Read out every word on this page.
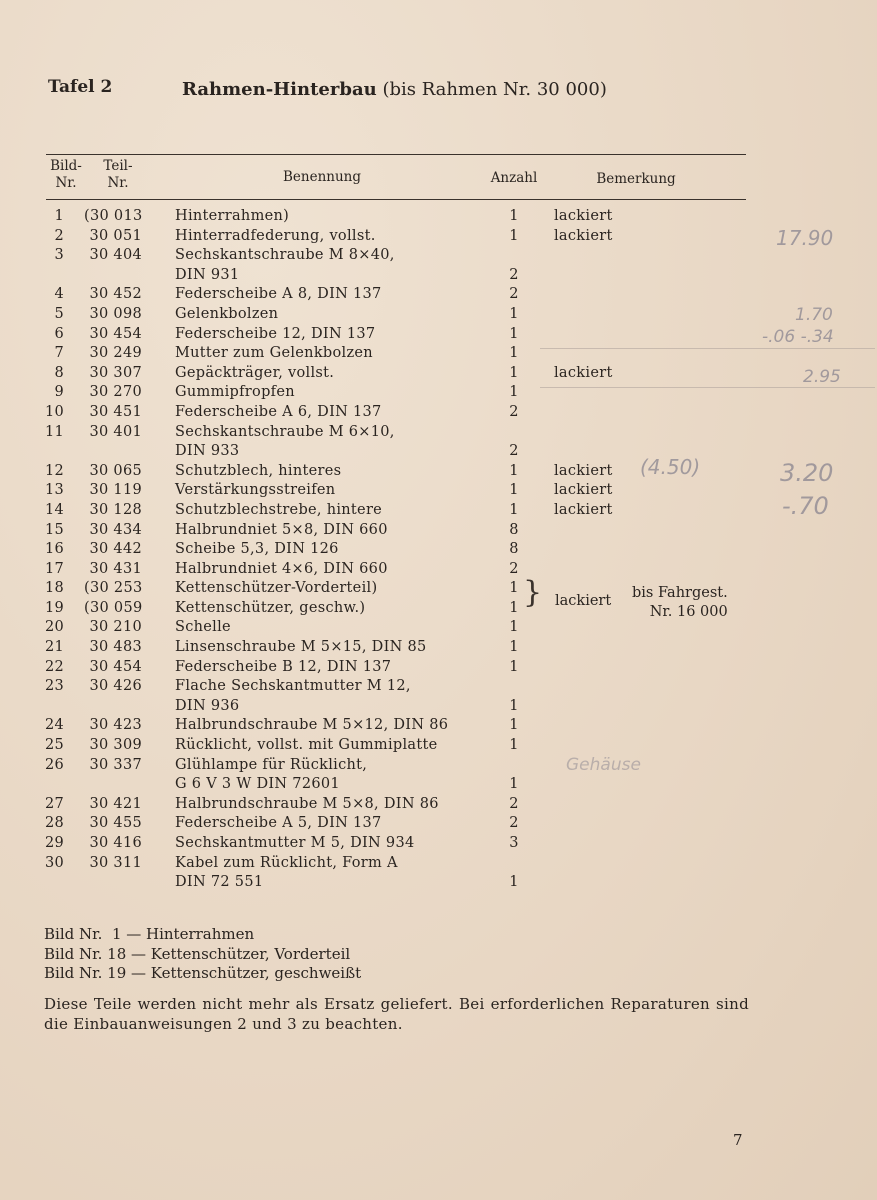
Tafel 2	Rahmen-Hinterbau (bis Rahmen Nr. 30 000)
Bild-
Nr.
Teil-
Nr.	Benennung	Anzahl	Bemerkung
1 (30 013 Hinterrahmen)	1	lackiert
2	30 051 Hinterradfederung, vollst.	1	lackiert
3	30 404 Sechskantschraube M 8×40,
DIN 931	2
4	30 452 Federscheibe A 8, DIN 137	2
5	30 098 Gelenkbolzen	1
6	30 454 Federscheibe 12, DIN 137	1
7	30 249 Mutter zum Gelenkbolzen	1
8	30 307 Gepäckträger, vollst.	1	lackiert
9	30 270 Gummipfropfen	1
10	30 451 Federscheibe A 6, DIN 137	2
11	30 401 Sechskantschraube M 6×10,
DIN 933	2
12	30 065 Schutzblech, hinteres	1	lackiert
13	30 119 Verstärkungsstreifen	1	lackiert
14	30 128 Schutzblechstrebe, hintere	1	lackiert
15	30 434 Halbrundniet 5×8, DIN 660	8
16	30 442 Scheibe 5,3, DIN 126	8
17	30 431 Halbrundniet 4×6, DIN 660	2
18 (30 253 Kettenschützer-Vorderteil)	1
19 (30 059 Kettenschützer, geschw.)	1
20	30 210 Schelle	1
21	30 483 Linsenschraube M 5×15, DIN 85	1
22	30 454 Federscheibe B 12, DIN 137	1
23	30 426 Flache Sechskantmutter M 12,
DIN 936	1
24	30 423 Halbrundschraube M 5×12, DIN 86	1
25	30 309 Rücklicht, vollst. mit Gummiplatte	1
26	30 337 Glühlampe für Rücklicht,
G 6 V 3 W DIN 72601	1
27	30 421 Halbrundschraube M 5×8, DIN 86	2
28	30 455 Federscheibe A 5, DIN 137	2
29	30 416 Sechskantmutter M 5, DIN 934	3
30	30 311 Kabel zum Rücklicht, Form A
DIN 72 551	1
} lackiert bis Fahrgest.
Nr. 16 000
17.90
1.70
-.06 -.34
2.95
(4.50)	3.20
-.70
Gehäuse
Bild Nr.  1 — Hinterrahmen
Bild Nr. 18 — Kettenschützer, Vorderteil
Bild Nr. 19 — Kettenschützer, geschweißt
Diese Teile werden nicht mehr als Ersatz geliefert. Bei erforderlichen Reparaturen sind die Einbauanweisungen 2 und 3 zu beachten.
7
